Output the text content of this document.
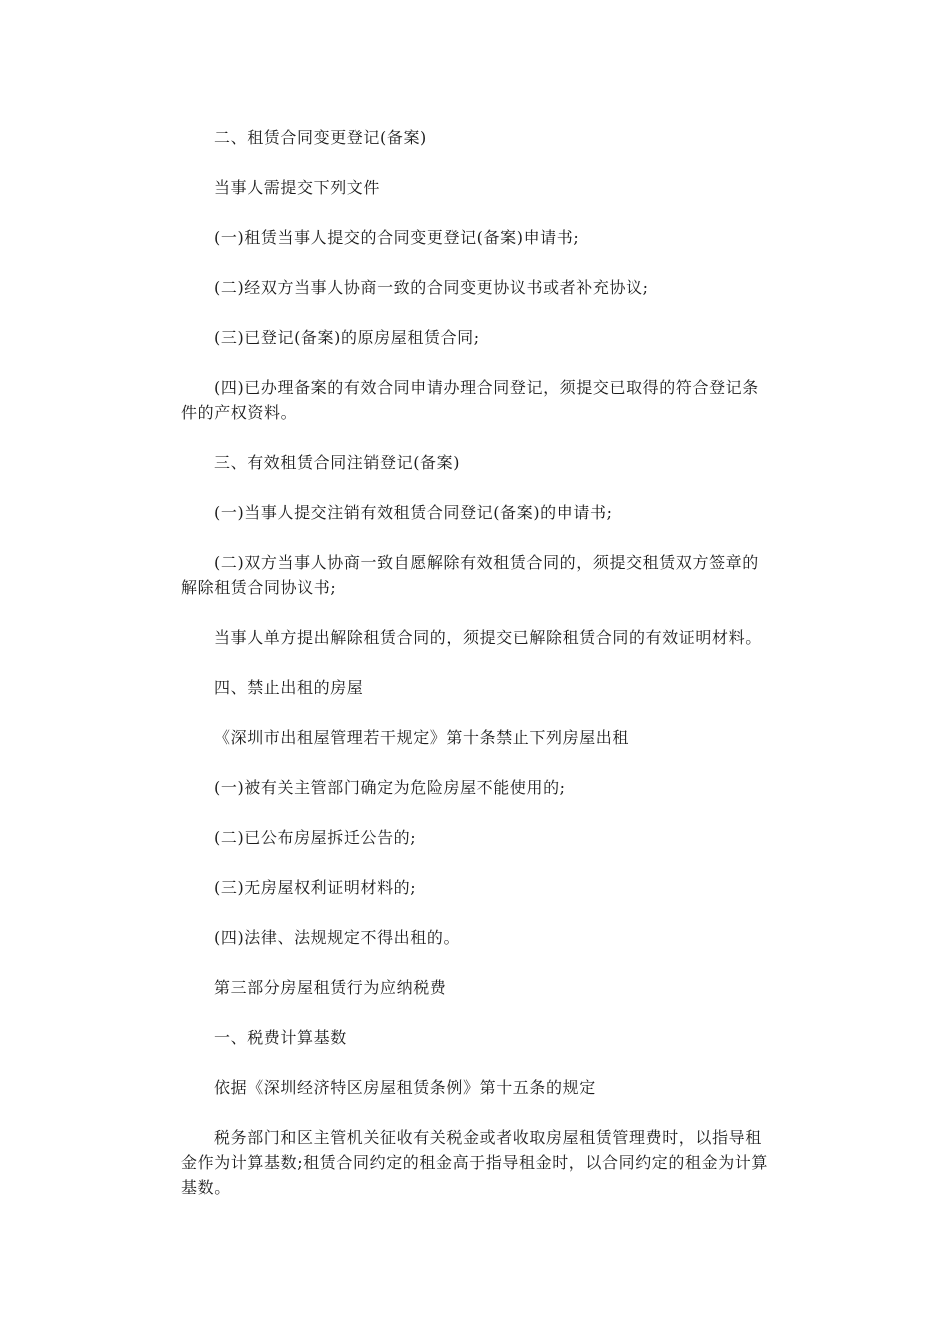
二、租赁合同变更登记(备案)

当事人需提交下列文件

(一)租赁当事人提交的合同变更登记(备案)申请书;

(二)经双方当事人协商一致的合同变更协议书或者补充协议;

(三)已登记(备案)的原房屋租赁合同;

(四)已办理备案的有效合同申请办理合同登记，须提交已取得的符合登记条件的产权资料。

三、有效租赁合同注销登记(备案)

(一)当事人提交注销有效租赁合同登记(备案)的申请书;

(二)双方当事人协商一致自愿解除有效租赁合同的，须提交租赁双方签章的解除租赁合同协议书;

当事人单方提出解除租赁合同的，须提交已解除租赁合同的有效证明材料。

四、禁止出租的房屋

《深圳市出租屋管理若干规定》第十条禁止下列房屋出租

(一)被有关主管部门确定为危险房屋不能使用的;

(二)已公布房屋拆迁公告的;

(三)无房屋权利证明材料的;

(四)法律、法规规定不得出租的。

第三部分房屋租赁行为应纳税费

一、税费计算基数

依据《深圳经济特区房屋租赁条例》第十五条的规定

税务部门和区主管机关征收有关税金或者收取房屋租赁管理费时，以指导租金作为计算基数;租赁合同约定的租金高于指导租金时，以合同约定的租金为计算基数。
